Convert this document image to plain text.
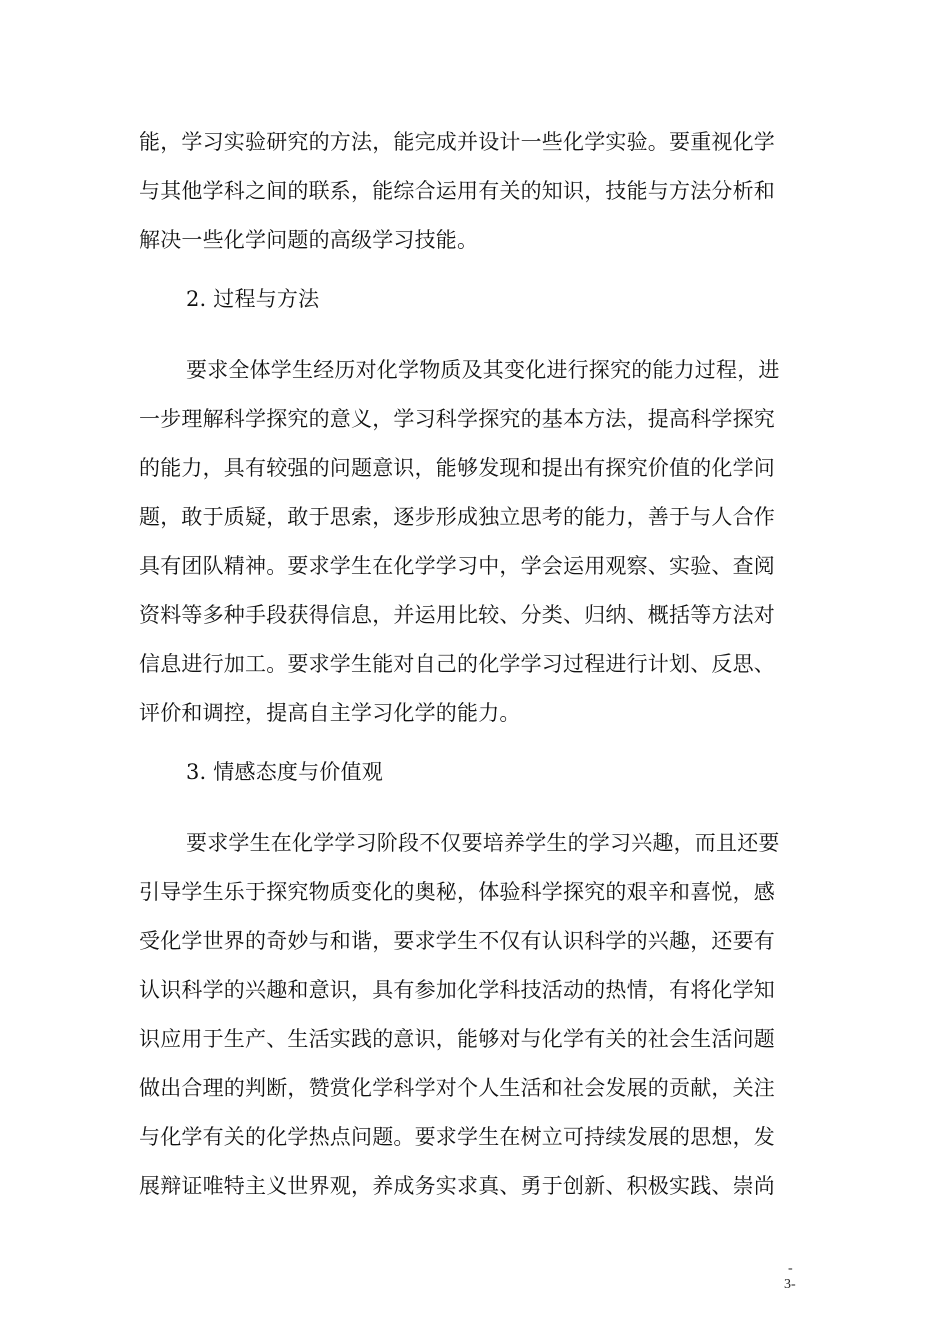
能，学习实验研究的方法，能完成并设计一些化学实验。要重视化学
与其他学科之间的联系，能综合运用有关的知识，技能与方法分析和
解决一些化学问题的高级学习技能。
2. 过程与方法
要求全体学生经历对化学物质及其变化进行探究的能力过程，进
一步理解科学探究的意义，学习科学探究的基本方法，提高科学探究
的能力，具有较强的问题意识，能够发现和提出有探究价值的化学问
题，敢于质疑，敢于思索，逐步形成独立思考的能力，善于与人合作
具有团队精神。要求学生在化学学习中，学会运用观察、实验、查阅
资料等多种手段获得信息，并运用比较、分类、归纳、概括等方法对
信息进行加工。要求学生能对自己的化学学习过程进行计划、反思、
评价和调控，提高自主学习化学的能力。
3. 情感态度与价值观
要求学生在化学学习阶段不仅要培养学生的学习兴趣，而且还要
引导学生乐于探究物质变化的奥秘，体验科学探究的艰辛和喜悦，感
受化学世界的奇妙与和谐，要求学生不仅有认识科学的兴趣，还要有
认识科学的兴趣和意识，具有参加化学科技活动的热情，有将化学知
识应用于生产、生活实践的意识，能够对与化学有关的社会生活问题
做出合理的判断，赞赏化学科学对个人生活和社会发展的贡献，关注
与化学有关的化学热点问题。要求学生在树立可持续发展的思想，发
展辩证唯特主义世界观，养成务实求真、勇于创新、积极实践、崇尚
-
3-
